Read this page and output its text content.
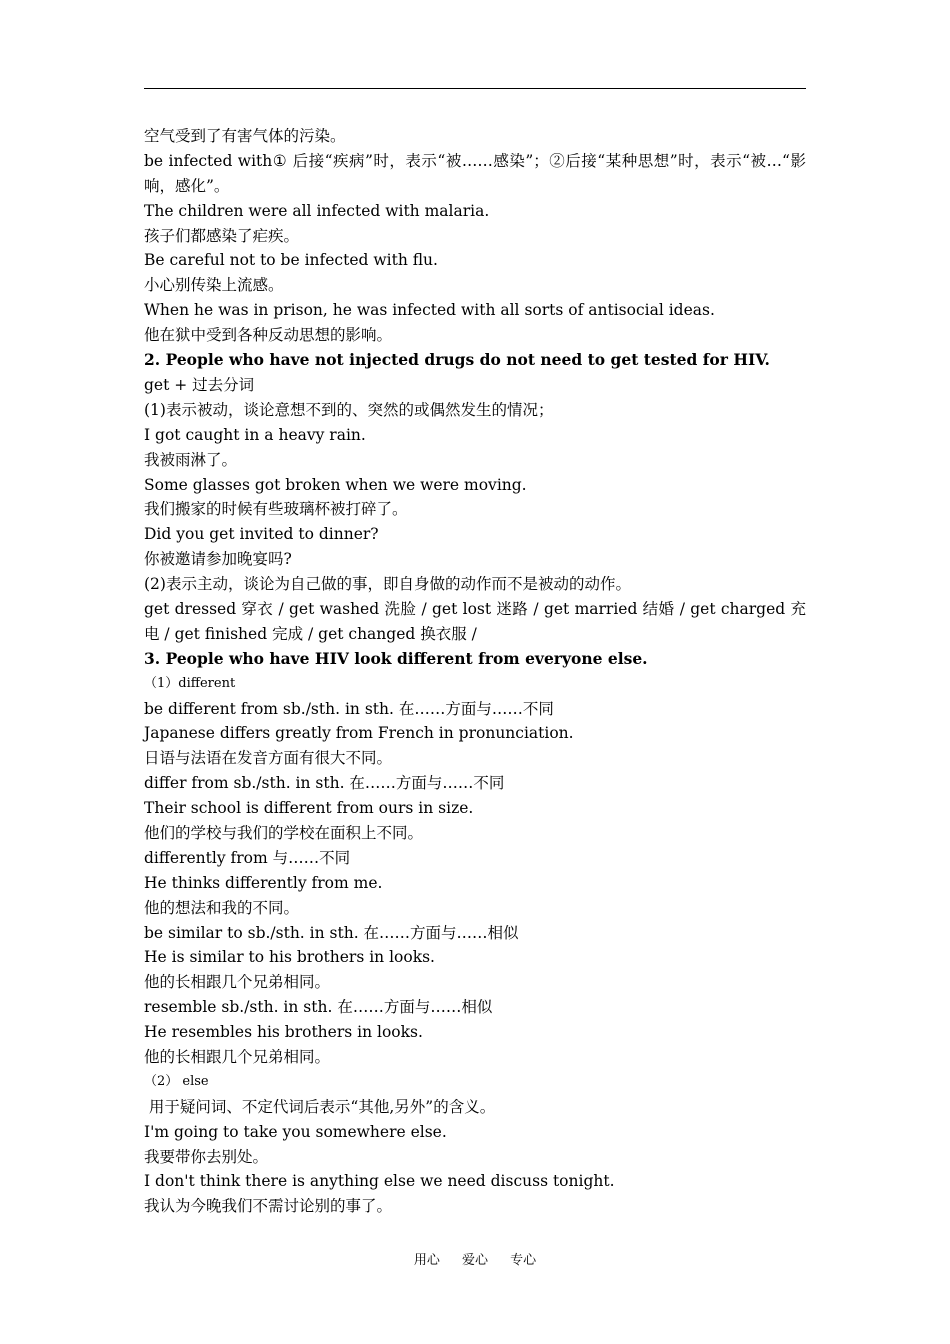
空气受到了有害气体的污染。
be infected with① 后接“疾病”时，表示“被……感染”；②后接“某种思想”时，表示“被…“影响，感化”。
The children were all infected with malaria.
孩子们都感染了疟疾。
Be careful not to be infected with flu.
小心别传染上流感。
When he was in prison, he was infected with all sorts of antisocial ideas.
他在狱中受到各种反动思想的影响。
2. People who have not injected drugs do not need to get tested for HIV.
get + 过去分词
(1)表示被动，谈论意想不到的、突然的或偶然发生的情况；
I got caught in a heavy rain.
我被雨淋了。
Some glasses got broken when we were moving.
我们搬家的时候有些玻璃杯被打碎了。
Did you get invited to dinner?
你被邀请参加晚宴吗?
(2)表示主动，谈论为自己做的事，即自身做的动作而不是被动的动作。
get dressed 穿衣 / get washed 洗脸 / get lost 迷路 / get married 结婚 / get charged 充电 / get finished 完成 / get changed 换衣服 /
3. People who have HIV look different from everyone else.
（1）different
be different from sb./sth. in sth. 在……方面与……不同
Japanese differs greatly from French in pronunciation.
日语与法语在发音方面有很大不同。
differ from sb./sth. in sth. 在……方面与……不同
Their school is different from ours in size.
他们的学校与我们的学校在面积上不同。
differently from 与……不同
He thinks differently from me.
他的想法和我的不同。
be similar to sb./sth. in sth. 在……方面与……相似
He is similar to his brothers in looks.
他的长相跟几个兄弟相同。
resemble sb./sth. in sth. 在……方面与……相似
He resembles his brothers in looks.
他的长相跟几个兄弟相同。
（2） else
用于疑问词、不定代词后表示“其他,另外”的含义。
I'm going to take you somewhere else.
我要带你去别处。
I don't think there is anything else we need discuss tonight.
我认为今晚我们不需讨论别的事了。
用心 爱心 专心
